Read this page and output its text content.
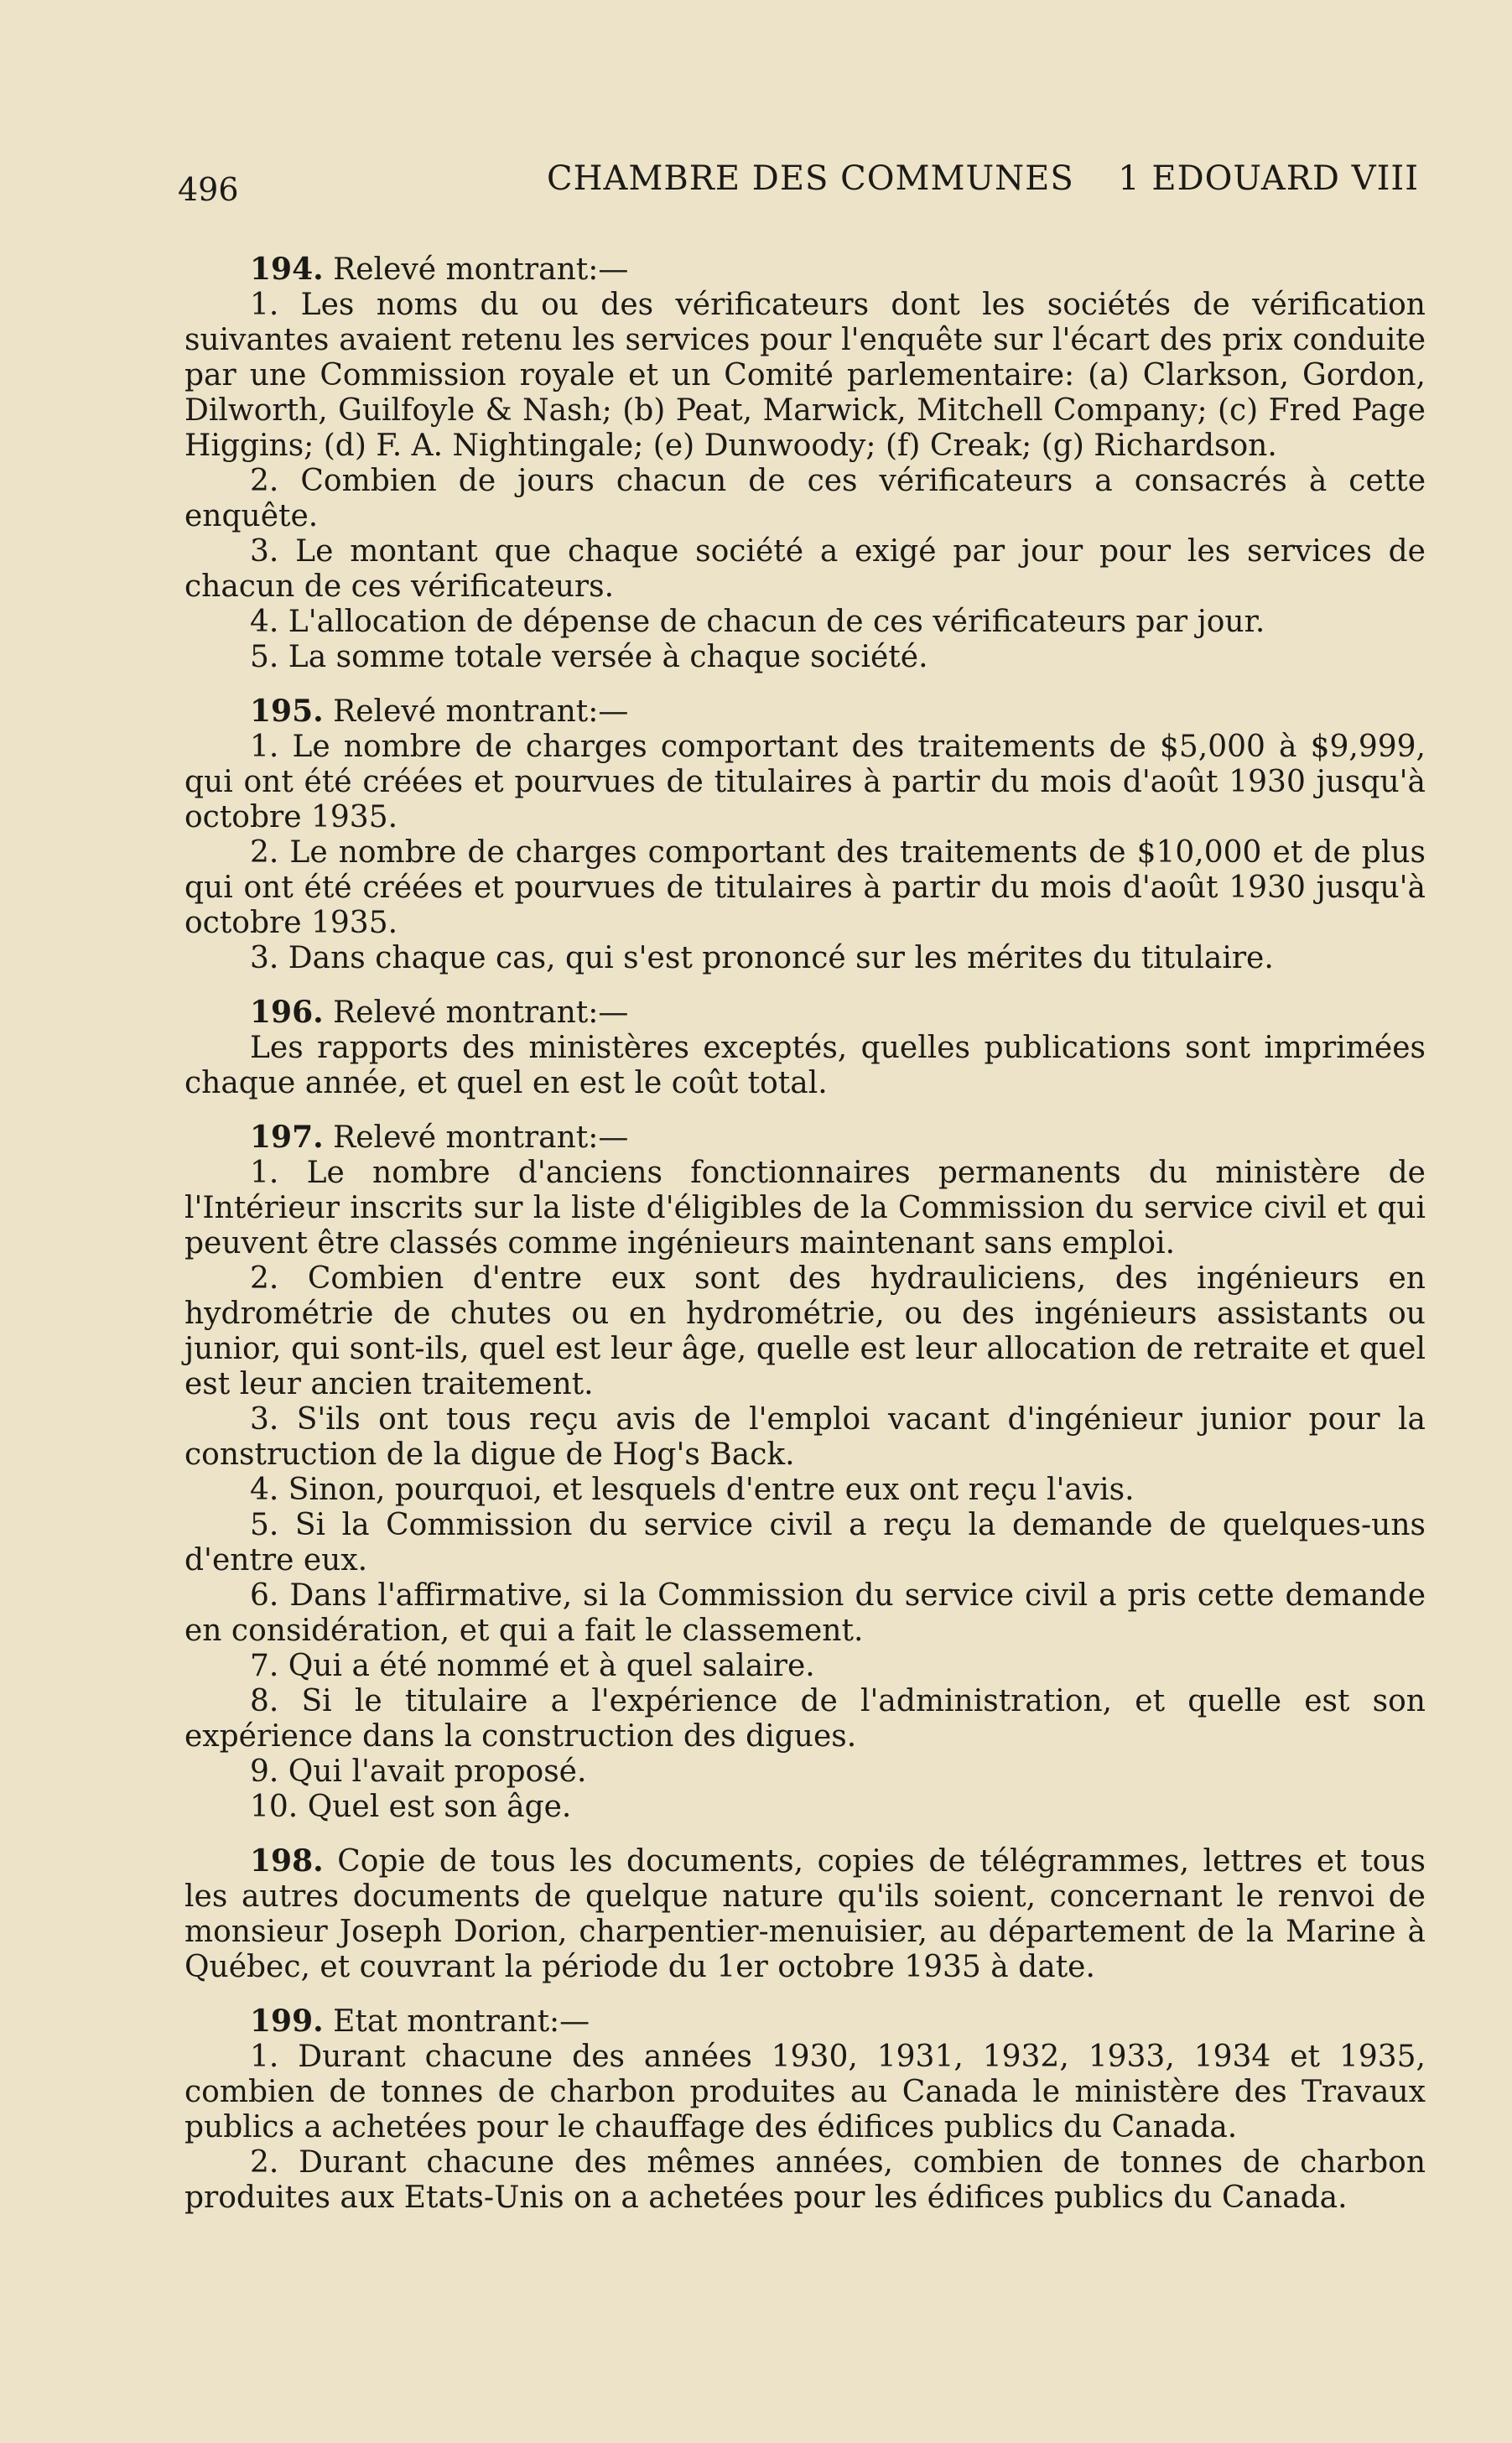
496	CHAMBRE DES COMMUNES 1 EDOUARD VIII

194. Relevé montrant:—

1. Les noms du ou des vérificateurs dont les sociétés de vérification suivantes avaient retenu les services pour l'enquête sur l'écart des prix conduite par une Commission royale et un Comité parlementaire: (a) Clarkson, Gordon, Dilworth, Guilfoyle & Nash; (b) Peat, Marwick, Mitchell Company; (c) Fred Page Higgins; (d) F. A. Nightingale; (e) Dunwoody; (f) Creak; (g) Richardson.

2. Combien de jours chacun de ces vérificateurs a consacrés à cette enquête.

3. Le montant que chaque société a exigé par jour pour les services de chacun de ces vérificateurs.

4. L'allocation de dépense de chacun de ces vérificateurs par jour.

5. La somme totale versée à chaque société.

195. Relevé montrant:—

1. Le nombre de charges comportant des traitements de $5,000 à $9,999, qui ont été créées et pourvues de titulaires à partir du mois d'août 1930 jusqu'à octobre 1935.

2. Le nombre de charges comportant des traitements de $10,000 et de plus qui ont été créées et pourvues de titulaires à partir du mois d'août 1930 jusqu'à octobre 1935.

3. Dans chaque cas, qui s'est prononcé sur les mérites du titulaire.

196. Relevé montrant:—

Les rapports des ministères exceptés, quelles publications sont imprimées chaque année, et quel en est le coût total.

197. Relevé montrant:—

1. Le nombre d'anciens fonctionnaires permanents du ministère de l'Intérieur inscrits sur la liste d'éligibles de la Commission du service civil et qui peuvent être classés comme ingénieurs maintenant sans emploi.

2. Combien d'entre eux sont des hydrauliciens, des ingénieurs en hydrométrie de chutes ou en hydrométrie, ou des ingénieurs assistants ou junior, qui sont-ils, quel est leur âge, quelle est leur allocation de retraite et quel est leur ancien traitement.

3. S'ils ont tous reçu avis de l'emploi vacant d'ingénieur junior pour la construction de la digue de Hog's Back.

4. Sinon, pourquoi, et lesquels d'entre eux ont reçu l'avis.

5. Si la Commission du service civil a reçu la demande de quelques-uns d'entre eux.

6. Dans l'affirmative, si la Commission du service civil a pris cette demande en considération, et qui a fait le classement.

7. Qui a été nommé et à quel salaire.

8. Si le titulaire a l'expérience de l'administration, et quelle est son expérience dans la construction des digues.

9. Qui l'avait proposé.

10. Quel est son âge.

198. Copie de tous les documents, copies de télégrammes, lettres et tous les autres documents de quelque nature qu'ils soient, concernant le renvoi de monsieur Joseph Dorion, charpentier-menuisier, au département de la Marine à Québec, et couvrant la période du 1er octobre 1935 à date.

199. Etat montrant:—

1. Durant chacune des années 1930, 1931, 1932, 1933, 1934 et 1935, combien de tonnes de charbon produites au Canada le ministère des Travaux publics a achetées pour le chauffage des édifices publics du Canada.

2. Durant chacune des mêmes années, combien de tonnes de charbon produites aux Etats-Unis on a achetées pour les édifices publics du Canada.
